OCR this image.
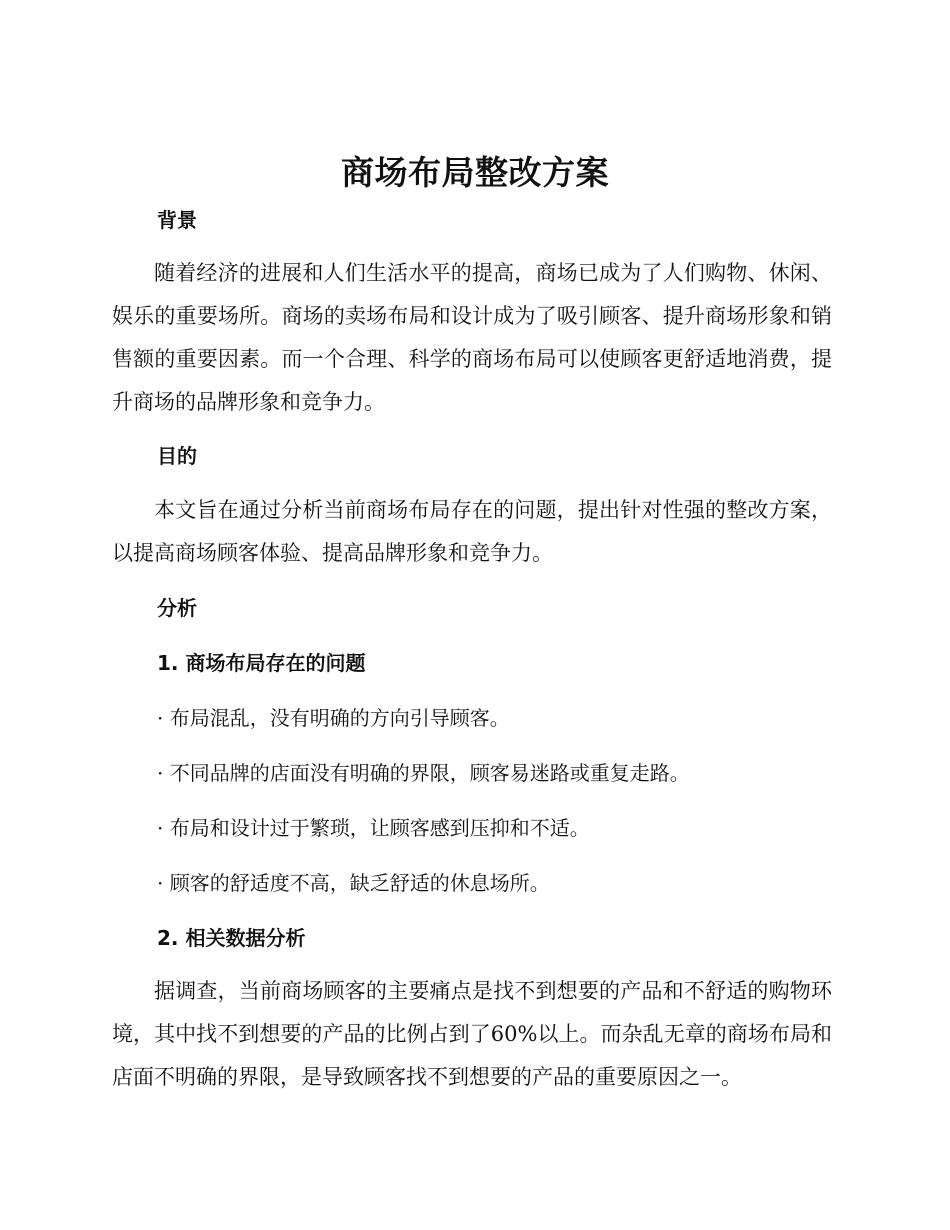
商场布局整改方案
背景
随着经济的进展和人们生活水平的提高，商场已成为了人们购物、休闲、娱乐的重要场所。商场的卖场布局和设计成为了吸引顾客、提升商场形象和销售额的重要因素。而一个合理、科学的商场布局可以使顾客更舒适地消费，提升商场的品牌形象和竞争力。
目的
本文旨在通过分析当前商场布局存在的问题，提出针对性强的整改方案，以提高商场顾客体验、提高品牌形象和竞争力。
分析
1. 商场布局存在的问题
· 布局混乱，没有明确的方向引导顾客。
· 不同品牌的店面没有明确的界限，顾客易迷路或重复走路。
· 布局和设计过于繁琐，让顾客感到压抑和不适。
· 顾客的舒适度不高，缺乏舒适的休息场所。
2. 相关数据分析
据调查，当前商场顾客的主要痛点是找不到想要的产品和不舒适的购物环境，其中找不到想要的产品的比例占到了60%以上。而杂乱无章的商场布局和店面不明确的界限，是导致顾客找不到想要的产品的重要原因之一。
